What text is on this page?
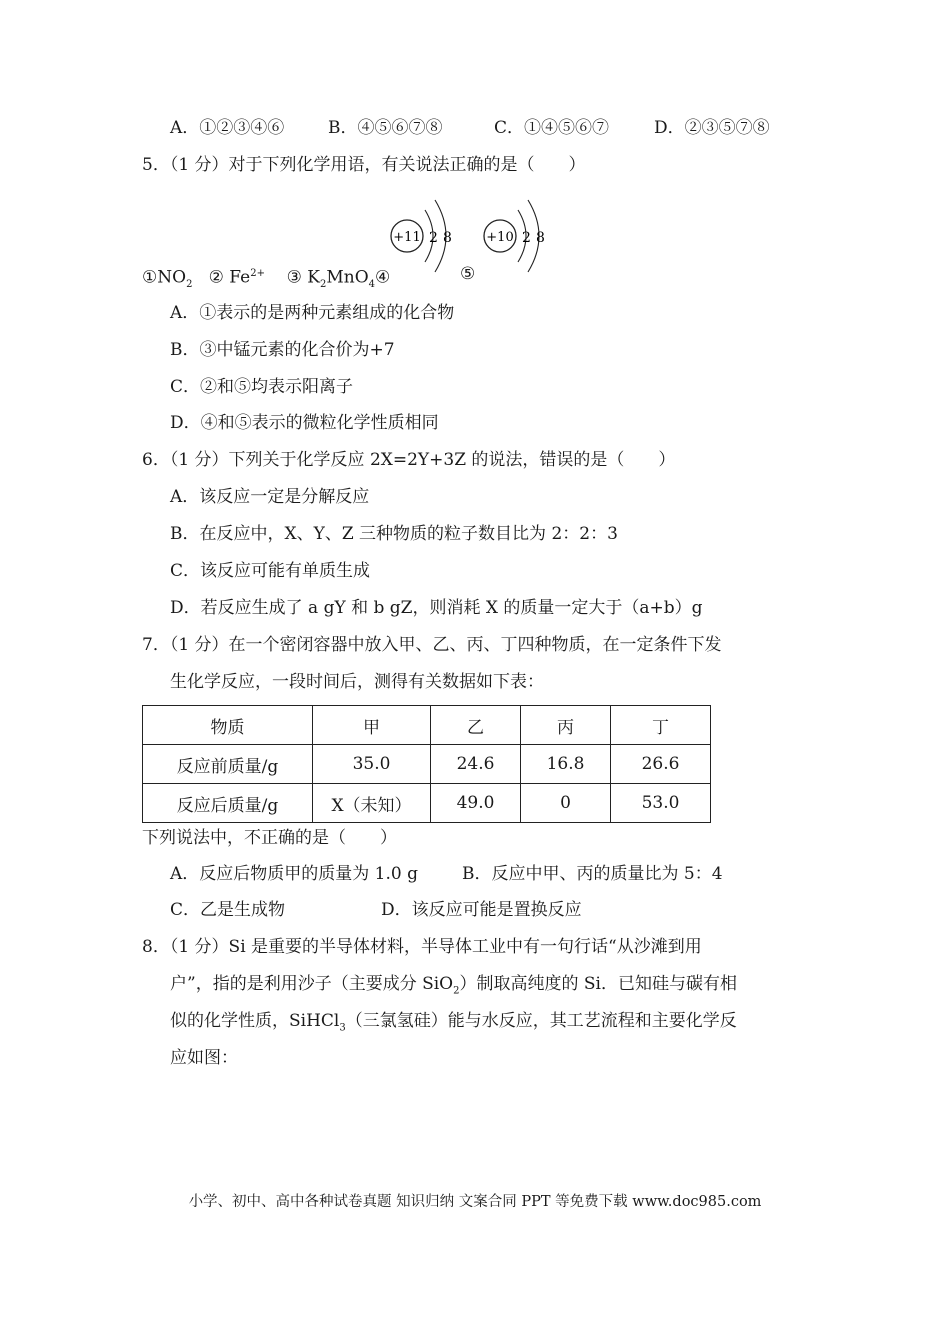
A．①②③④⑥	B．④⑤⑥⑦⑧	C．①④⑤⑥⑦	D．②③⑤⑦⑧
5．（1 分）对于下列化学用语，有关说法正确的是（　　）
+11 2 8	+10 2 8
$①NO_2$ ② $Fe^{2+}$ ③ $K_2MnO_4④$	⑤
A．①表示的是两种元素组成的化合物
B．③中锰元素的化合价为+7
C．②和⑤均表示阳离子
D．④和⑤表示的微粒化学性质相同
6．（1 分）下列关于化学反应 2X=2Y+3Z 的说法，错误的是（　　）
A．该反应一定是分解反应
B．在反应中，X、Y、Z 三种物质的粒子数目比为 2：2：3
C．该反应可能有单质生成
D．若反应生成了 a gY 和 b gZ，则消耗 X 的质量一定大于（a+b）g
7．（1 分）在一个密闭容器中放入甲、乙、丙、丁四种物质，在一定条件下发
生化学反应，一段时间后，测得有关数据如下表：
物质	甲	乙	丙	丁
反应前质量/g	35.0	24.6	16.8	26.6
反应后质量/g	X（未知）	49.0	0	53.0
下列说法中，不正确的是（　　）
A．反应后物质甲的质量为 1.0 g	B．反应中甲、丙的质量比为 5：4
C．乙是生成物	D．该反应可能是置换反应
8．（1 分）Si 是重要的半导体材料，半导体工业中有一句行话“从沙滩到用
户”，指的是利用沙子（主要成分 SiO$_2$）制取高纯度的 Si．已知硅与碳有相
似的化学性质，SiHCl$_3$（三氯氢硅）能与水反应，其工艺流程和主要化学反
应如图：
小学、初中、高中各种试卷真题 知识归纳 文案合同 PPT 等免费下载 www.doc985.com
